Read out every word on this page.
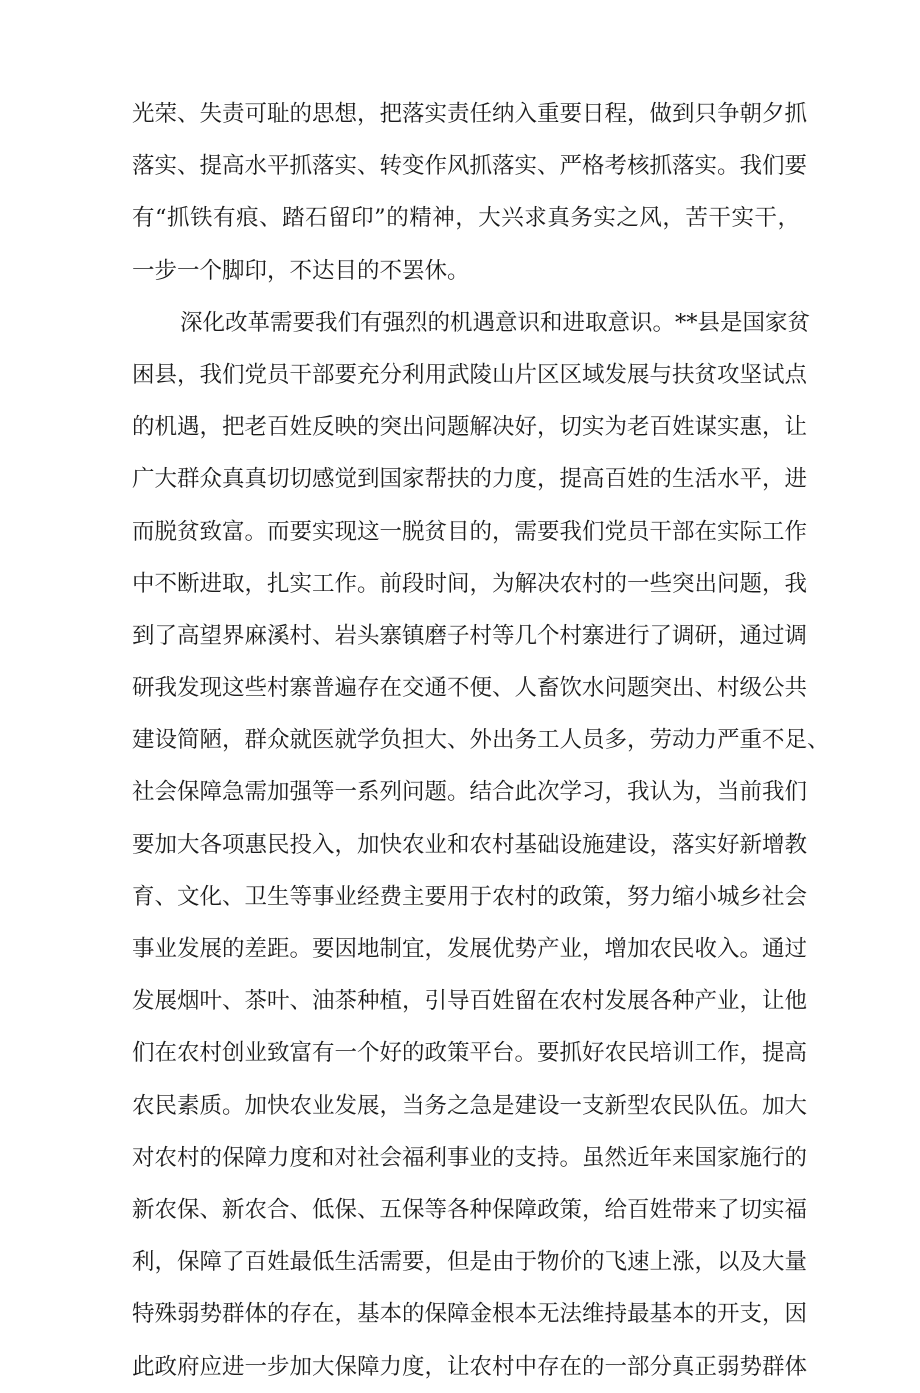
光荣、失责可耻的思想，把落实责任纳入重要日程，做到只争朝夕抓
落实、提高水平抓落实、转变作风抓落实、严格考核抓落实。我们要
有“抓铁有痕、踏石留印”的精神，大兴求真务实之风，苦干实干，
一步一个脚印，不达目的不罢休。
深化改革需要我们有强烈的机遇意识和进取意识。**县是国家贫
困县，我们党员干部要充分利用武陵山片区区域发展与扶贫攻坚试点
的机遇，把老百姓反映的突出问题解决好，切实为老百姓谋实惠，让
广大群众真真切切感觉到国家帮扶的力度，提高百姓的生活水平，进
而脱贫致富。而要实现这一脱贫目的，需要我们党员干部在实际工作
中不断进取，扎实工作。前段时间，为解决农村的一些突出问题，我
到了高望界麻溪村、岩头寨镇磨子村等几个村寨进行了调研，通过调
研我发现这些村寨普遍存在交通不便、人畜饮水问题突出、村级公共
建设简陋，群众就医就学负担大、外出务工人员多，劳动力严重不足、
社会保障急需加强等一系列问题。结合此次学习，我认为，当前我们
要加大各项惠民投入，加快农业和农村基础设施建设，落实好新增教
育、文化、卫生等事业经费主要用于农村的政策，努力缩小城乡社会
事业发展的差距。要因地制宜，发展优势产业，增加农民收入。通过
发展烟叶、茶叶、油茶种植，引导百姓留在农村发展各种产业，让他
们在农村创业致富有一个好的政策平台。要抓好农民培训工作，提高
农民素质。加快农业发展，当务之急是建设一支新型农民队伍。加大
对农村的保障力度和对社会福利事业的支持。虽然近年来国家施行的
新农保、新农合、低保、五保等各种保障政策，给百姓带来了切实福
利，保障了百姓最低生活需要，但是由于物价的飞速上涨，以及大量
特殊弱势群体的存在，基本的保障金根本无法维持最基本的开支，因
此政府应进一步加大保障力度，让农村中存在的一部分真正弱势群体
